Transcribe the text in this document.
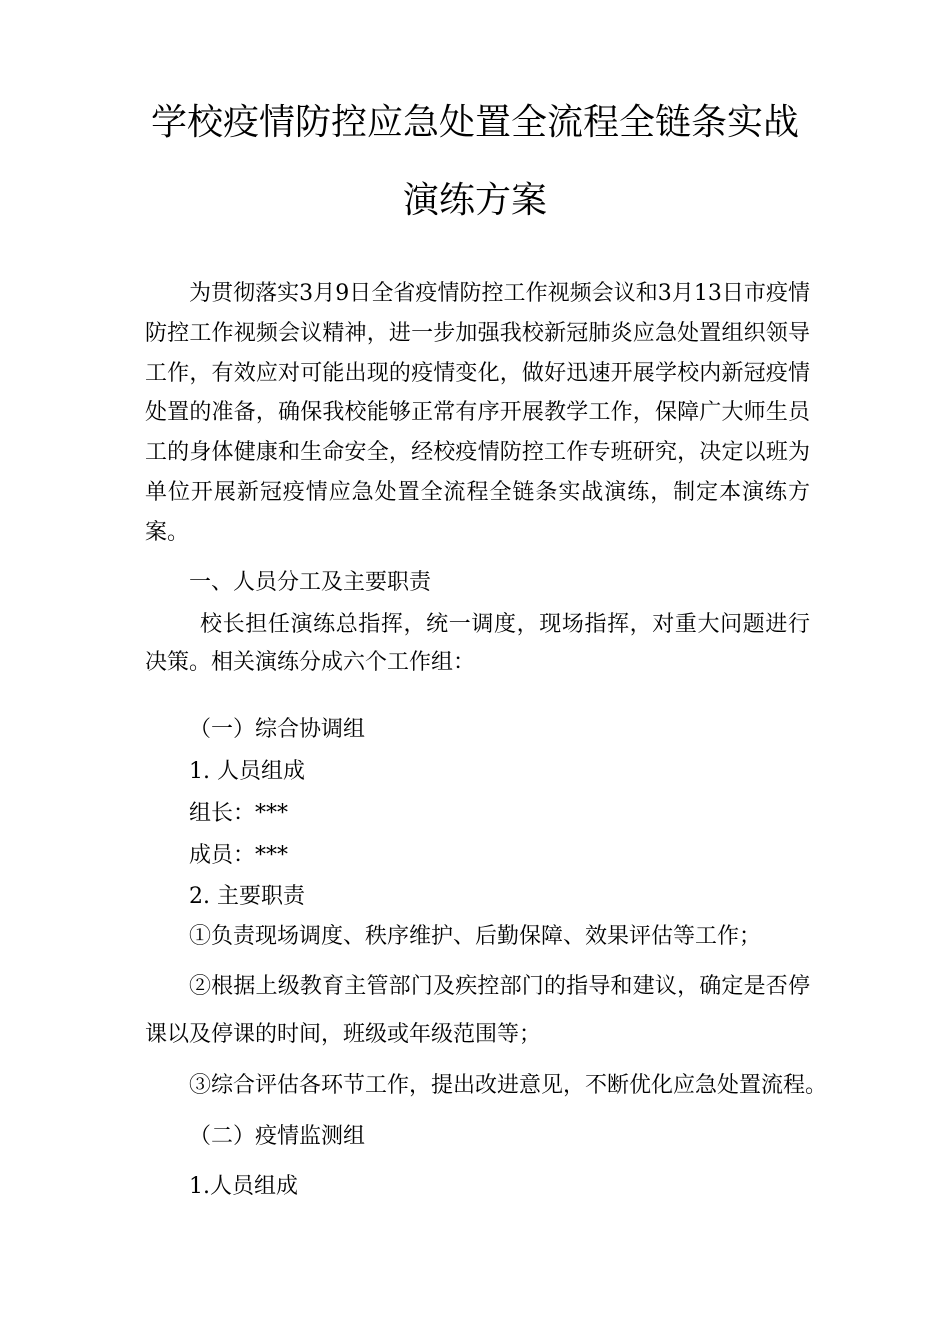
学校疫情防控应急处置全流程全链条实战
演练方案

为贯彻落实3月9日全省疫情防控工作视频会议和3月13日市疫情防控工作视频会议精神，进一步加强我校新冠肺炎应急处置组织领导工作，有效应对可能出现的疫情变化，做好迅速开展学校内新冠疫情处置的准备，确保我校能够正常有序开展教学工作，保障广大师生员工的身体健康和生命安全，经校疫情防控工作专班研究，决定以班为单位开展新冠疫情应急处置全流程全链条实战演练，制定本演练方案。

一、人员分工及主要职责

校长担任演练总指挥，统一调度，现场指挥，对重大问题进行决策。相关演练分成六个工作组：

（一）综合协调组

1. 人员组成

组长：***

成员：***

2. 主要职责

①负责现场调度、秩序维护、后勤保障、效果评估等工作；

②根据上级教育主管部门及疾控部门的指导和建议，确定是否停课以及停课的时间，班级或年级范围等；

③综合评估各环节工作，提出改进意见，不断优化应急处置流程。

（二）疫情监测组

1.人员组成
